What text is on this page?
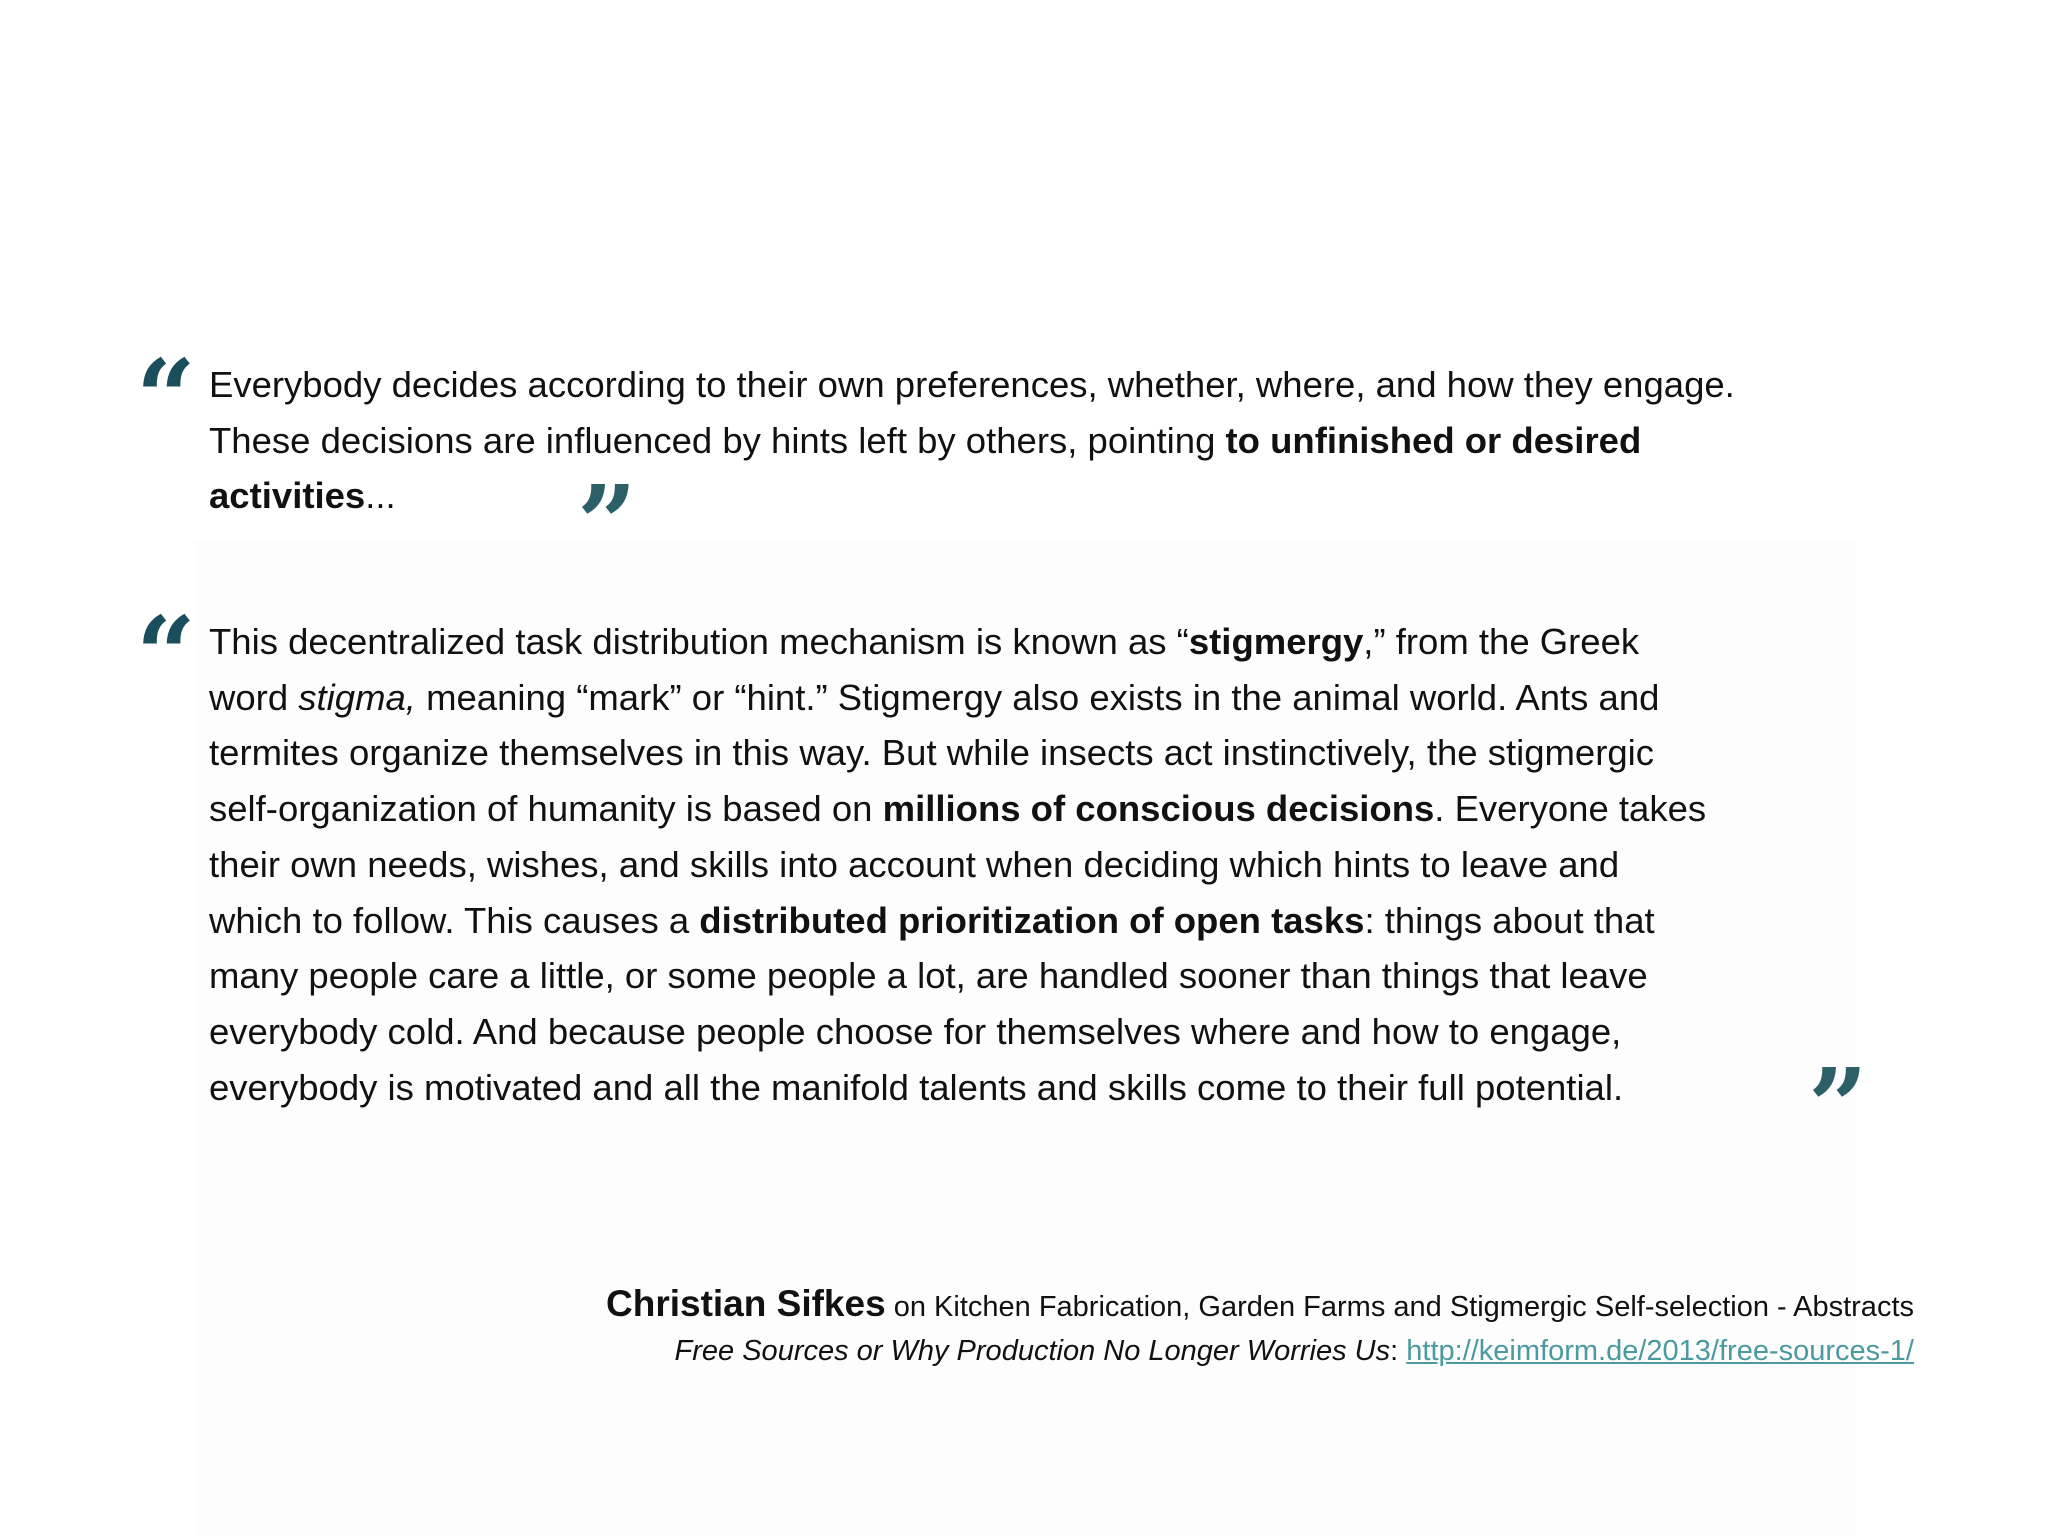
“ Everybody decides according to their own preferences, whether, where, and how they engage.
These decisions are influenced by hints left by others, pointing to unfinished or desired
activities...	”
“ This decentralized task distribution mechanism is known as “stigmergy,” from the Greek
word stigma, meaning “mark” or “hint.” Stigmergy also exists in the animal world. Ants and
termites organize themselves in this way. But while insects act instinctively, the stigmergic
self-organization of humanity is based on millions of conscious decisions. Everyone takes
their own needs, wishes, and skills into account when deciding which hints to leave and
which to follow. This causes a distributed prioritization of open tasks: things about that
many people care a little, or some people a lot, are handled sooner than things that leave
everybody cold. And because people choose for themselves where and how to engage,
everybody is motivated and all the manifold talents and skills come to their full potential.	”
Christian Sifkes on Kitchen Fabrication, Garden Farms and Stigmergic Self-selection - Abstracts
Free Sources or Why Production No Longer Worries Us: http://keimform.de/2013/free-sources-1/
